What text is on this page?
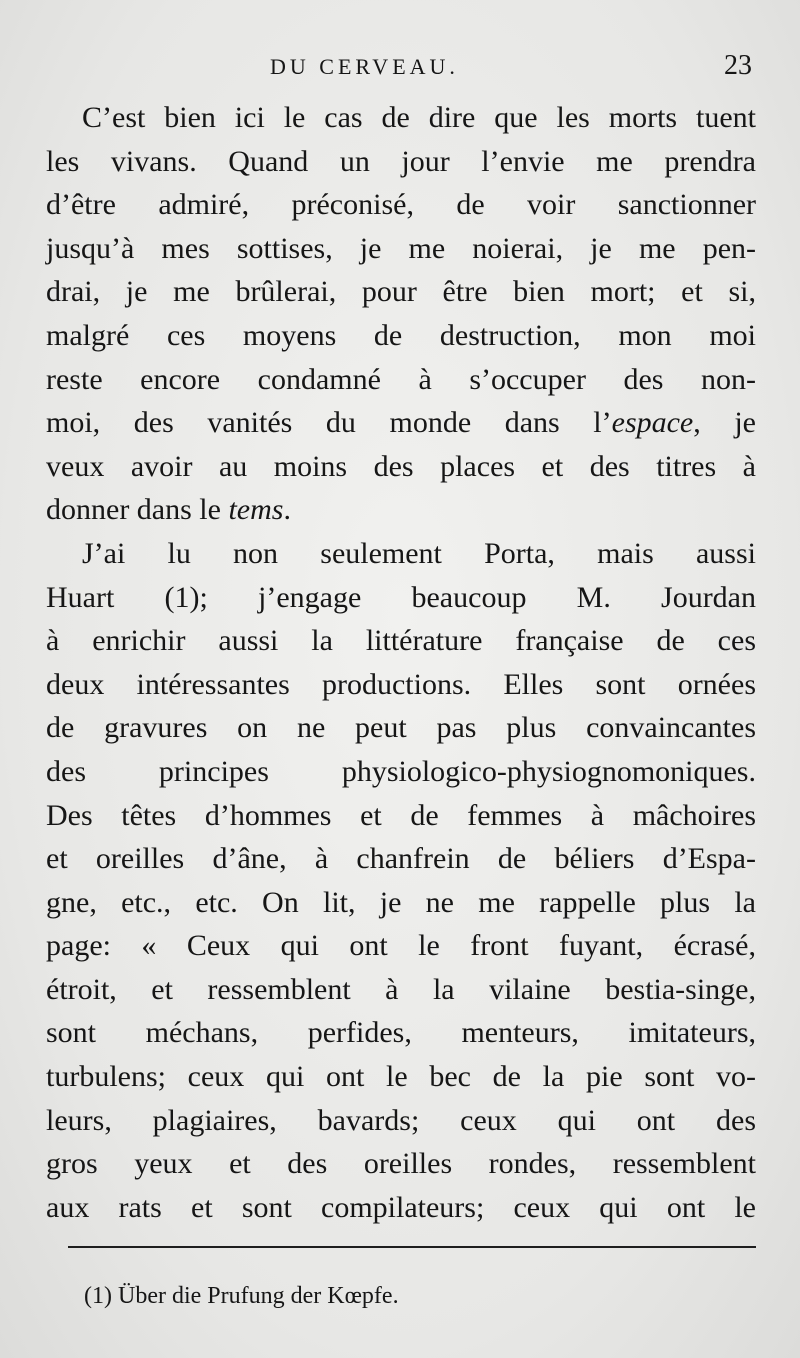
DU CERVEAU.	23
C’est bien ici le cas de dire que les morts tuent
les vivans. Quand un jour l’envie me prendra
d’être admiré, préconisé, de voir sanctionner
jusqu’à mes sottises, je me noierai, je me pen-
drai, je me brûlerai, pour être bien mort; et si,
malgré ces moyens de destruction, mon moi
reste encore condamné à s’occuper des non-
moi, des vanités du monde dans l’espace, je
veux avoir au moins des places et des titres à
donner dans le tems.
J’ai lu non seulement Porta, mais aussi
Huart (1); j’engage beaucoup M. Jourdan
à enrichir aussi la littérature française de ces
deux intéressantes productions. Elles sont ornées
de gravures on ne peut pas plus convaincantes
des principes physiologico-physiognomoniques.
Des têtes d’hommes et de femmes à mâchoires
et oreilles d’âne, à chanfrein de béliers d’Espa-
gne, etc., etc. On lit, je ne me rappelle plus la
page: « Ceux qui ont le front fuyant, écrasé,
étroit, et ressemblent à la vilaine bestia-singe,
sont méchans, perfides, menteurs, imitateurs,
turbulens; ceux qui ont le bec de la pie sont vo-
leurs, plagiaires, bavards; ceux qui ont des
gros yeux et des oreilles rondes, ressemblent
aux rats et sont compilateurs; ceux qui ont le
(1) Über die Prufung der Kœpfe.
